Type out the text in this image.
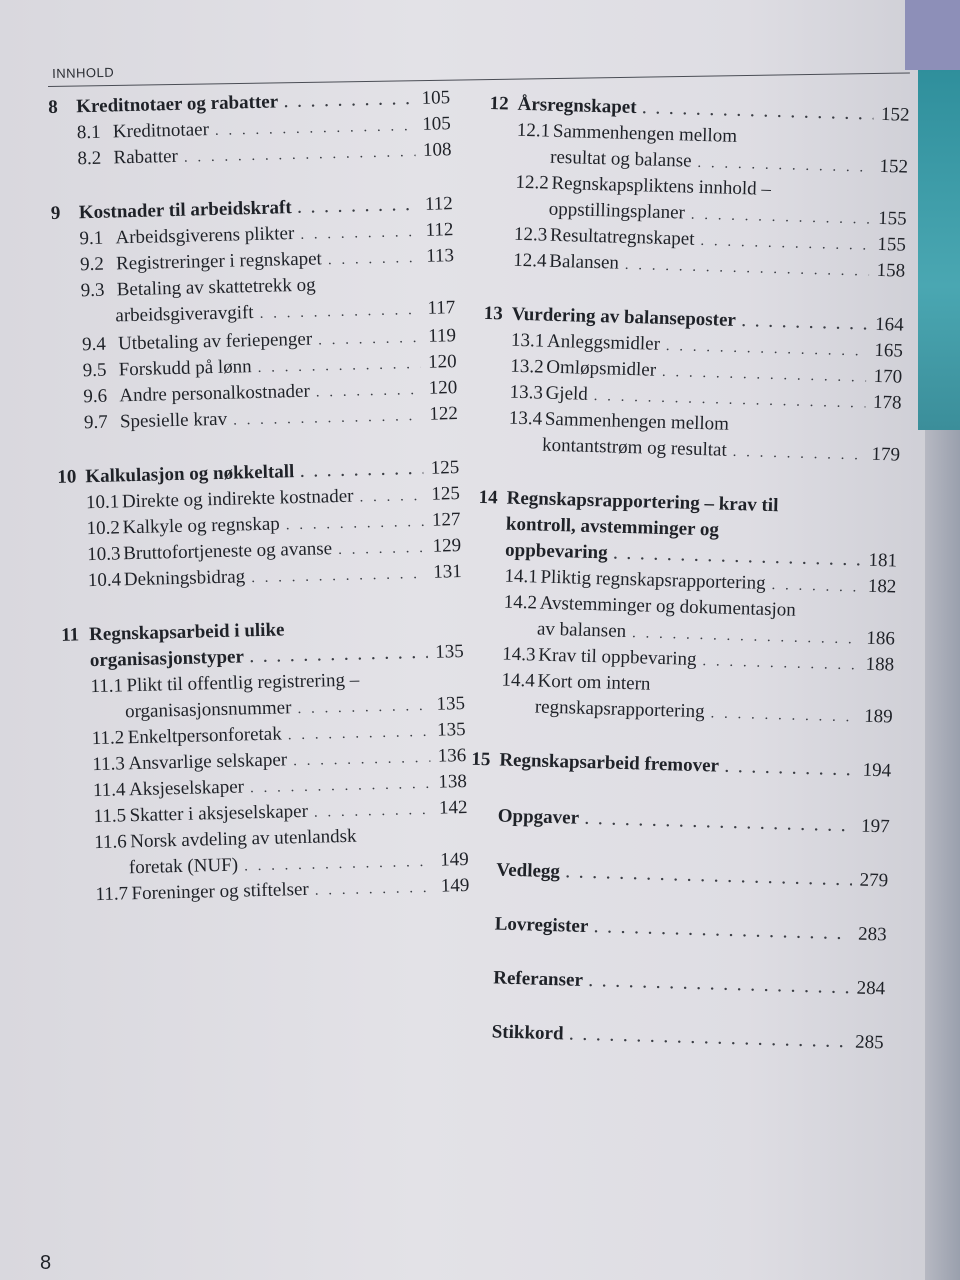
INNHOLD
8 Kreditnotaer og rabatter . . .	105
8.1 Kreditnotaer . . .	105
8.2 Rabatter . . .	108
9 Kostnader til arbeidskraft . . .	112
9.1 Arbeidsgiverens plikter . . .	112
9.2 Registreringer i regnskapet . . .	113
9.3 Betaling av skattetrekk og
arbeidsgiveravgift . . .	117
9.4 Utbetaling av feriepenger . . .	119
9.5 Forskudd på lønn . . .	120
9.6 Andre personalkostnader . . .	120
9.7 Spesielle krav . . .	122
10 Kalkulasjon og nøkkeltall . . .	125
10.1 Direkte og indirekte kostnader . . .	125
10.2 Kalkyle og regnskap . . .	127
10.3 Bruttofortjeneste og avanse . . .	129
10.4 Dekningsbidrag . . .	131
11 Regnskapsarbeid i ulike
organisasjonstyper . . .	135
11.1 Plikt til offentlig registrering –
organisasjonsnummer . . .	135
11.2 Enkeltpersonforetak . . .	135
11.3 Ansvarlige selskaper . . .	136
11.4 Aksjeselskaper . . .	138
11.5 Skatter i aksjeselskaper . . .	142
11.6 Norsk avdeling av utenlandsk
foretak (NUF) . . .	149
11.7 Foreninger og stiftelser . . .	149
12 Årsregnskapet . . .	152
12.1 Sammenhengen mellom
resultat og balanse . . .	152
12.2 Regnskapspliktens innhold –
oppstillingsplaner . . .	155
12.3 Resultatregnskapet . . .	155
12.4 Balansen . . .	158
13 Vurdering av balanseposter . . .	164
13.1 Anleggsmidler . . .	165
13.2 Omløpsmidler . . .	170
13.3 Gjeld . . .	178
13.4 Sammenhengen mellom
kontantstrøm og resultat . . .	179
14 Regnskapsrapportering – krav til
kontroll, avstemminger og
oppbevaring . . .	181
14.1 Pliktig regnskapsrapportering . . .	182
14.2 Avstemminger og dokumentasjon
av balansen . . .	186
14.3 Krav til oppbevaring . . .	188
14.4 Kort om intern
regnskapsrapportering . . .	189
15 Regnskapsarbeid fremover . . .	194
Oppgaver . . .	197
Vedlegg . . .	279
Lovregister . . .	283
Referanser . . .	284
Stikkord . . .	285
8
